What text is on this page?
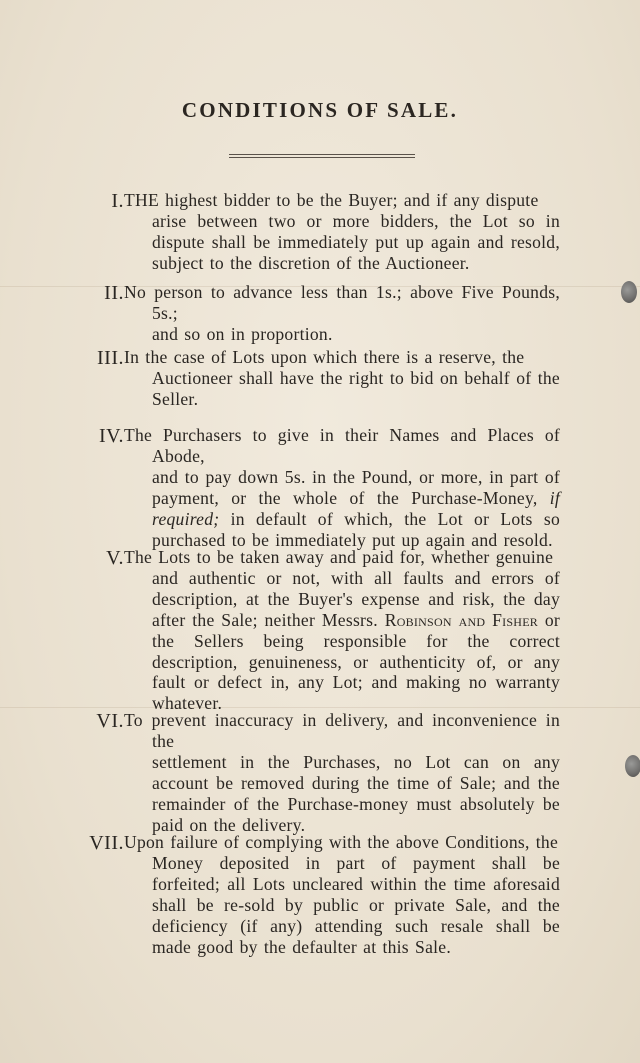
CONDITIONS OF SALE.
I. THE highest bidder to be the Buyer; and if any dispute
arise between two or more bidders, the Lot so in dispute shall be immediately put up again and resold, subject to the discretion of the Auctioneer.
II. No person to advance less than 1s.; above Five Pounds, 5s.;
and so on in proportion.
III. In the case of Lots upon which there is a reserve, the
Auctioneer shall have the right to bid on behalf of the Seller.
IV. The Purchasers to give in their Names and Places of Abode,
and to pay down 5s. in the Pound, or more, in part of payment, or the whole of the Purchase-Money, if required; in default of which, the Lot or Lots so purchased to be immediately put up again and resold.
V. The Lots to be taken away and paid for, whether genuine
and authentic or not, with all faults and errors of description, at the Buyer's expense and risk, the day after the Sale; neither Messrs. Robinson and Fisher or the Sellers being responsible for the correct description, genuineness, or authenticity of, or any fault or defect in, any Lot; and making no warranty whatever.
VI. To prevent inaccuracy in delivery, and inconvenience in the
settlement in the Purchases, no Lot can on any account be removed during the time of Sale; and the remainder of the Purchase-money must absolutely be paid on the delivery.
VII. Upon failure of complying with the above Conditions, the
Money deposited in part of payment shall be forfeited; all Lots uncleared within the time aforesaid shall be re-sold by public or private Sale, and the deficiency (if any) attending such resale shall be made good by the defaulter at this Sale.
